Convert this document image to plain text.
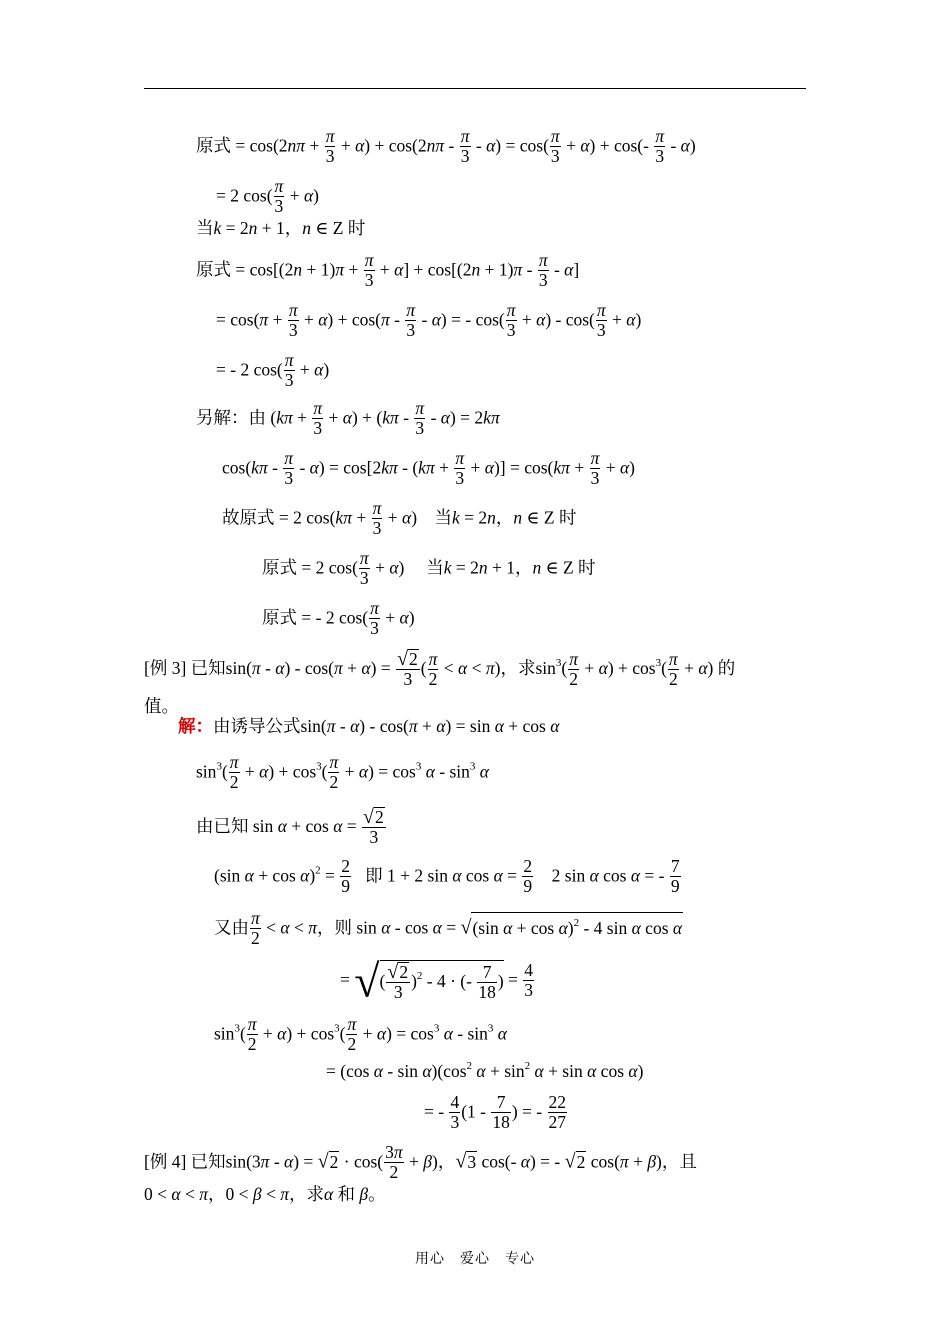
原式 = $\cos(2n\pi + \frac{\pi}{3} + \alpha) + \cos(2n\pi - \frac{\pi}{3} - \alpha) = \cos( \frac{\pi}{3} + \alpha) + \cos(- \frac{\pi}{3} - \alpha)$
= 2 $\cos( \frac{\pi}{3} + \alpha)$
当k = 2n + 1，n ∈ Z 时
原式 = $\cos[(2n + 1)\pi + \frac{\pi}{3} + \alpha] + \cos[(2n + 1)\pi - \frac{\pi}{3} - \alpha]$
= $\cos(\pi + \frac{\pi}{3} + \alpha) + \cos(\pi - \frac{\pi}{3} - \alpha)$ = - $\cos( \frac{\pi}{3} + \alpha) - \cos( \frac{\pi}{3} + \alpha)$
= - 2 $\cos( \frac{\pi}{3} + \alpha)$
另解：由 $(k\pi + \frac{\pi}{3} + \alpha) + (k\pi - \frac{\pi}{3} - \alpha) = 2k\pi$
$\cos(k\pi - \frac{\pi}{3} - \alpha) = \cos[2k\pi - (k\pi + \frac{\pi}{3} + \alpha)] = \cos(k\pi + \frac{\pi}{3} + \alpha)$
故原式 = 2 $\cos(k\pi + \frac{\pi}{3} + \alpha)$    当k = 2n，n ∈ Z 时
原式 = 2 $\cos( \frac{\pi}{3} + \alpha)$     当k = 2n + 1，n ∈ Z 时
原式 = - 2 $\cos( \frac{\pi}{3} + \alpha)$
[例 3] 已知$\sin(\pi - \alpha) - \cos(\pi + \alpha) = \frac{√2}{3}$ ( $\frac{\pi}{2} < \alpha < \pi$)，求$\sin^3( \frac{\pi}{2} + \alpha) + \cos^3( \frac{\pi}{2} + \alpha)$ 的
值。
解：由诱导公式sin(π - α) - cos(π + α) = sin α + cos α
$\sin^3( \frac{\pi}{2} + \alpha) + \cos^3( \frac{\pi}{2} + \alpha) = \cos^3 \alpha - \sin^3 \alpha$
由已知 $\sin \alpha + \cos \alpha = \frac{√2}{3}$
(sin $\alpha + \cos \alpha)^2 = \frac{2}{9}$ 即 1 + 2 sin α $\cos \alpha = \frac{2}{9} 2$ sin α cos α = - $\frac{7}{9}$
又由 $\frac{\pi}{2} < \alpha < \pi$，则 sin α - cos α = √(sin α + cos α)$^2$ - 4 sin α cos α
= √( $\frac{√2}{3} )^2 - 4$ · (- $\frac{7}{18}$ ) = $\frac{4}{3}$
$\sin^3( \frac{\pi}{2} + \alpha) + \cos^3( \frac{\pi}{2} + \alpha) = \cos^3 \alpha - \sin^3 \alpha$
= (cos α - $\sin \alpha)(\cos^2$ $\alpha + \sin^2 \alpha + \sin \alpha$ cos α)
= - $\frac{4}{3} (1 - \frac{7}{18}$ ) = - $\frac{22}{27}$
[例 4] 已知$\sin(3\pi - \alpha) = √2 \cdot \cos( \frac{3\pi}{2} + \beta)$，√3 cos(- α) = - √2 cos(π + β)，且
0 < α < π，0 < β < π，求α 和 β。
用心　爱心　专心
